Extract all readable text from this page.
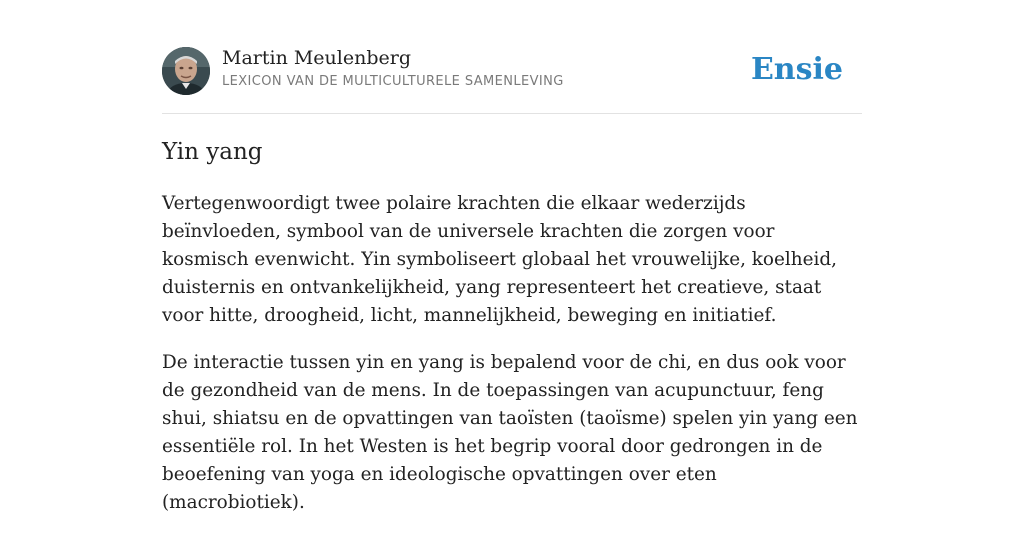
Martin Meulenberg
LEXICON VAN DE MULTICULTURELE SAMENLEVING	Ensie
Yin yang

Vertegenwoordigt twee polaire krachten die elkaar wederzijds beïnvloeden, symbool van de universele krachten die zorgen voor kosmisch evenwicht. Yin symboliseert globaal het vrouwelijke, koelheid, duisternis en ontvankelijkheid, yang representeert het creatieve, staat voor hitte, droogheid, licht, mannelijkheid, beweging en initiatief.

De interactie tussen yin en yang is bepalend voor de chi, en dus ook voor de gezondheid van de mens. In de toepassingen van acupunctuur, feng shui, shiatsu en de opvattingen van taoïsten (taoïsme) spelen yin yang een essentiële rol. In het Westen is het begrip vooral door gedrongen in de beoefening van yoga en ideologische opvattingen over eten (macrobiotiek).
